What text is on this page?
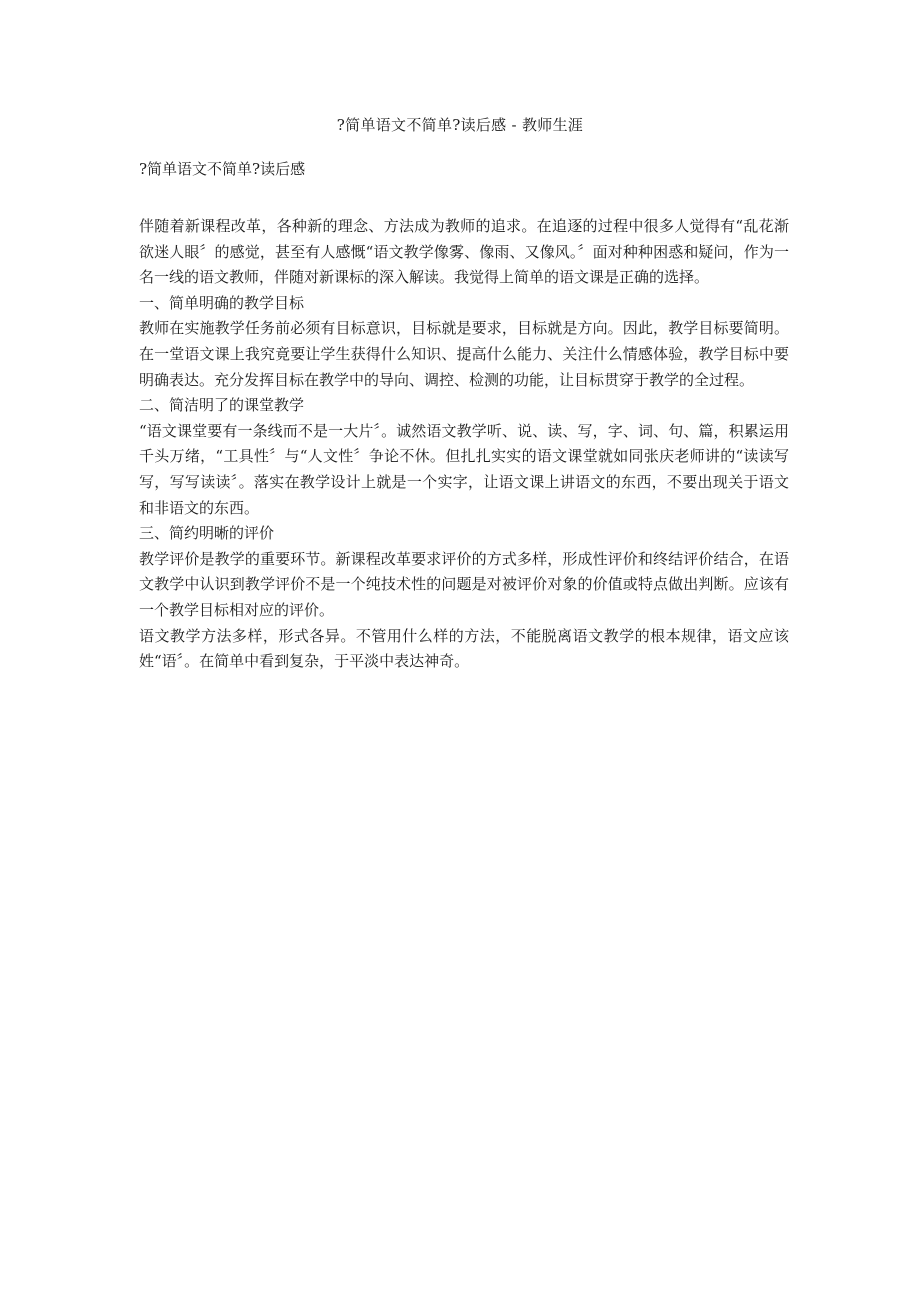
?简单语文不简单?读后感 - 教师生涯
?简单语文不简单?读后感

伴随着新课程改革，各种新的理念、方法成为教师的追求。在追逐的过程中很多人觉得有“乱花渐欲迷人眼〞的感觉，甚至有人感慨“语文教学像雾、像雨、又像风。〞面对种种困惑和疑问，作为一名一线的语文教师，伴随对新课标的深入解读。我觉得上简单的语文课是正确的选择。

一、简单明确的教学目标

教师在实施教学任务前必须有目标意识，目标就是要求，目标就是方向。因此，教学目标要简明。在一堂语文课上我究竟要让学生获得什么知识、提高什么能力、关注什么情感体验，教学目标中要明确表达。充分发挥目标在教学中的导向、调控、检测的功能，让目标贯穿于教学的全过程。

二、简洁明了的课堂教学

“语文课堂要有一条线而不是一大片〞。诚然语文教学听、说、读、写，字、词、句、篇，积累运用千头万绪，“工具性〞与“人文性〞争论不休。但扎扎实实的语文课堂就如同张庆老师讲的“读读写写，写写读读〞。落实在教学设计上就是一个实字，让语文课上讲语文的东西，不要出现关于语文和非语文的东西。

三、简约明晰的评价

教学评价是教学的重要环节。新课程改革要求评价的方式多样，形成性评价和终结评价结合，在语文教学中认识到教学评价不是一个纯技术性的问题是对被评价对象的价值或特点做出判断。应该有一个教学目标相对应的评价。

语文教学方法多样，形式各异。不管用什么样的方法，不能脱离语文教学的根本规律，语文应该姓“语〞。在简单中看到复杂，于平淡中表达神奇。
